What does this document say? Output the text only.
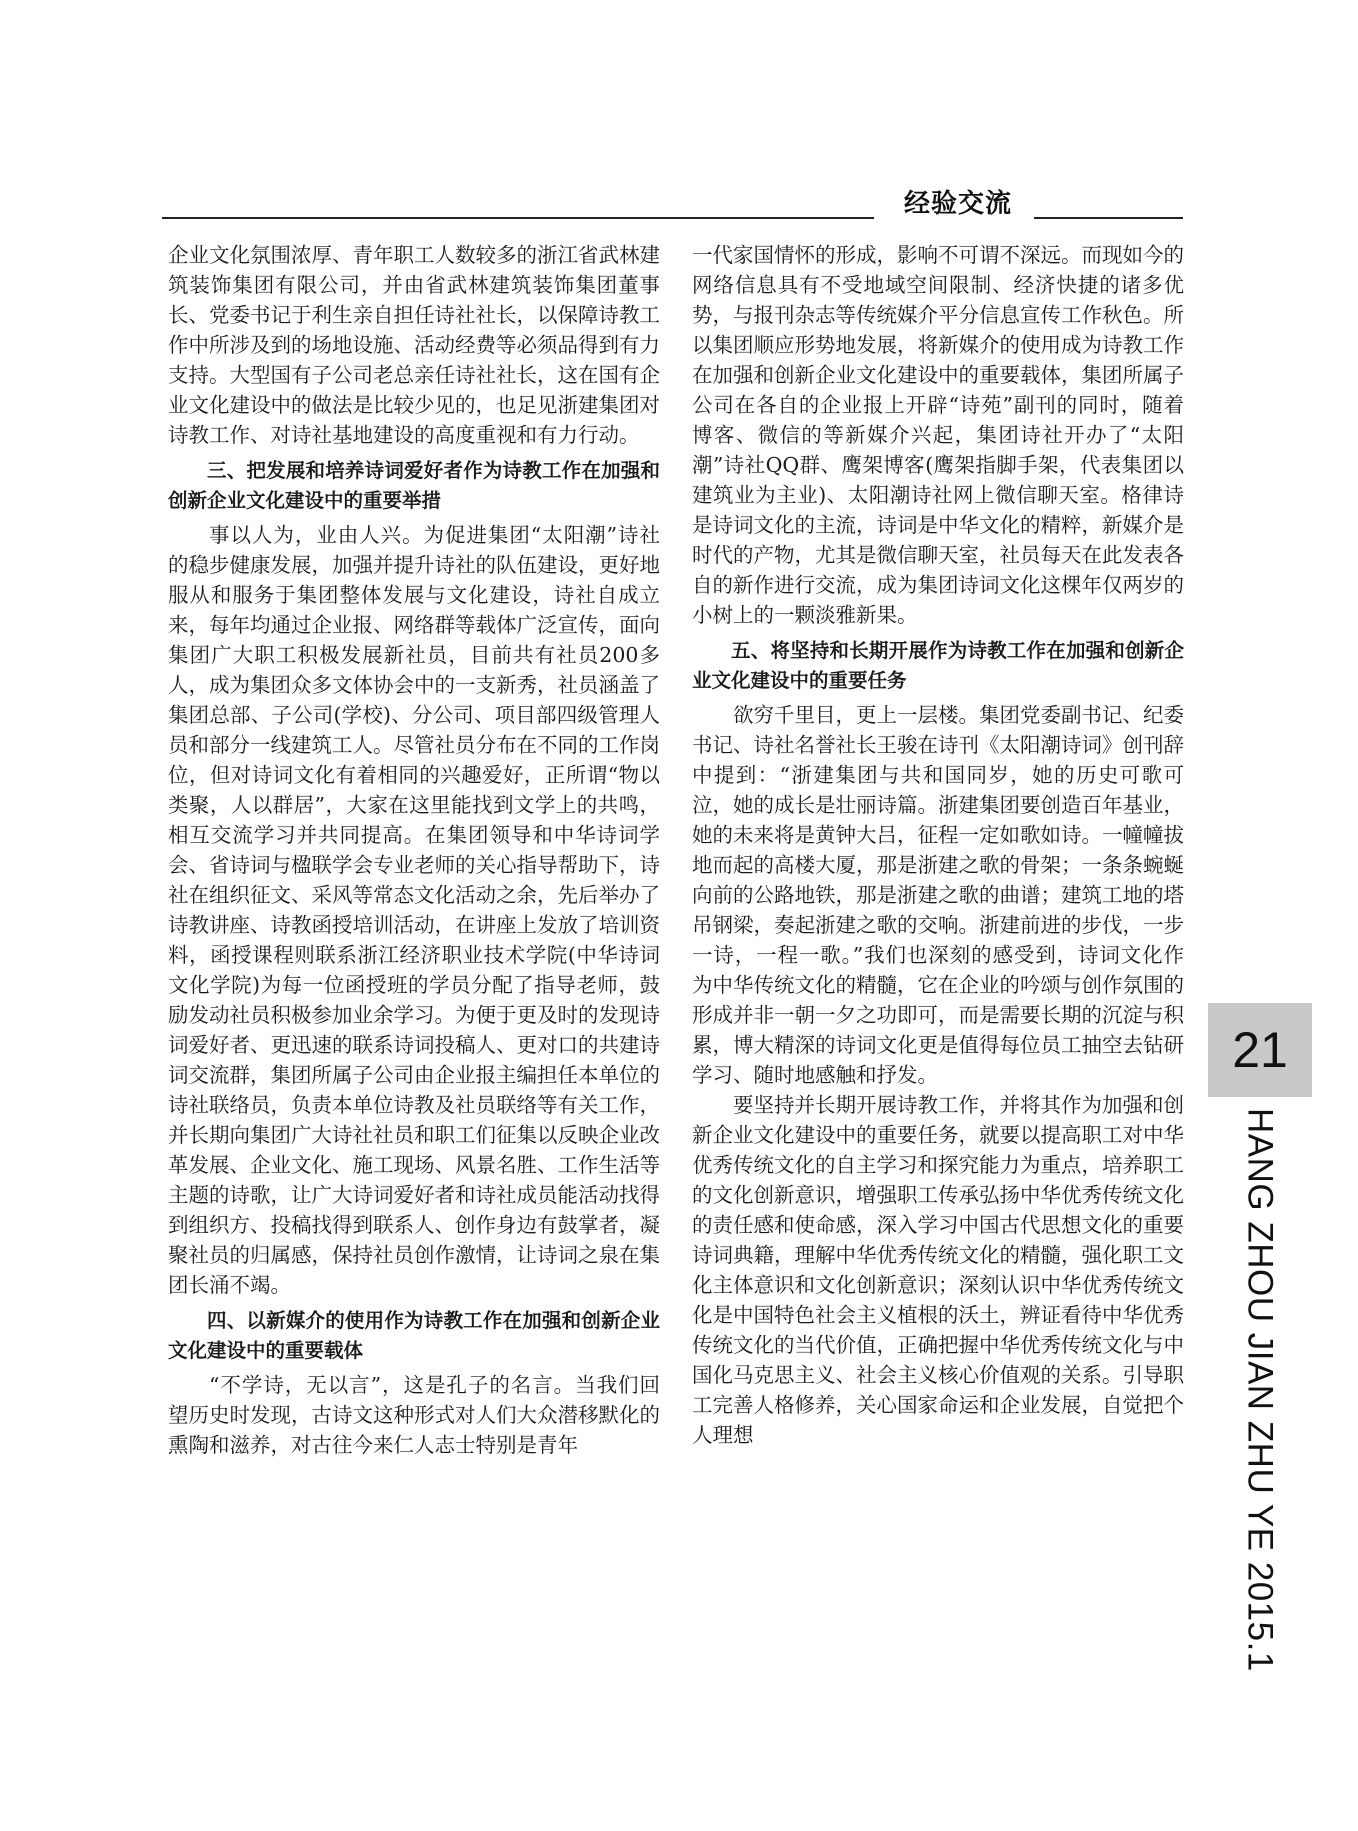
经验交流

企业文化氛围浓厚、青年职工人数较多的浙江省武林建筑装饰集团有限公司，并由省武林建筑装饰集团董事长、党委书记于利生亲自担任诗社社长，以保障诗教工作中所涉及到的场地设施、活动经费等必须品得到有力支持。大型国有子公司老总亲任诗社社长，这在国有企业文化建设中的做法是比较少见的，也足见浙建集团对诗教工作、对诗社基地建设的高度重视和有力行动。

三、把发展和培养诗词爱好者作为诗教工作在加强和创新企业文化建设中的重要举措

事以人为，业由人兴。为促进集团“太阳潮”诗社的稳步健康发展，加强并提升诗社的队伍建设，更好地服从和服务于集团整体发展与文化建设，诗社自成立来，每年均通过企业报、网络群等载体广泛宣传，面向集团广大职工积极发展新社员，目前共有社员200多人，成为集团众多文体协会中的一支新秀，社员涵盖了集团总部、子公司(学校)、分公司、项目部四级管理人员和部分一线建筑工人。尽管社员分布在不同的工作岗位，但对诗词文化有着相同的兴趣爱好，正所谓“物以类聚，人以群居”，大家在这里能找到文学上的共鸣，相互交流学习并共同提高。在集团领导和中华诗词学会、省诗词与楹联学会专业老师的关心指导帮助下，诗社在组织征文、采风等常态文化活动之余，先后举办了诗教讲座、诗教函授培训活动，在讲座上发放了培训资料，函授课程则联系浙江经济职业技术学院(中华诗词文化学院)为每一位函授班的学员分配了指导老师，鼓励发动社员积极参加业余学习。为便于更及时的发现诗词爱好者、更迅速的联系诗词投稿人、更对口的共建诗词交流群，集团所属子公司由企业报主编担任本单位的诗社联络员，负责本单位诗教及社员联络等有关工作，并长期向集团广大诗社社员和职工们征集以反映企业改革发展、企业文化、施工现场、风景名胜、工作生活等主题的诗歌，让广大诗词爱好者和诗社成员能活动找得到组织方、投稿找得到联系人、创作身边有鼓掌者，凝聚社员的归属感，保持社员创作激情，让诗词之泉在集团长涌不竭。

四、以新媒介的使用作为诗教工作在加强和创新企业文化建设中的重要载体

“不学诗，无以言”，这是孔子的名言。当我们回望历史时发现，古诗文这种形式对人们大众潜移默化的熏陶和滋养，对古往今来仁人志士特别是青年

一代家国情怀的形成，影响不可谓不深远。而现如今的网络信息具有不受地域空间限制、经济快捷的诸多优势，与报刊杂志等传统媒介平分信息宣传工作秋色。所以集团顺应形势地发展，将新媒介的使用成为诗教工作在加强和创新企业文化建设中的重要载体，集团所属子公司在各自的企业报上开辟“诗苑”副刊的同时，随着博客、微信的等新媒介兴起，集团诗社开办了“太阳潮”诗社QQ群、鹰架博客(鹰架指脚手架，代表集团以建筑业为主业)、太阳潮诗社网上微信聊天室。格律诗是诗词文化的主流，诗词是中华文化的精粹，新媒介是时代的产物，尤其是微信聊天室，社员每天在此发表各自的新作进行交流，成为集团诗词文化这棵年仅两岁的小树上的一颗淡雅新果。

五、将坚持和长期开展作为诗教工作在加强和创新企业文化建设中的重要任务

欲穷千里目，更上一层楼。集团党委副书记、纪委书记、诗社名誉社长王骏在诗刊《太阳潮诗词》创刊辞中提到：“浙建集团与共和国同岁，她的历史可歌可泣，她的成长是壮丽诗篇。浙建集团要创造百年基业，她的未来将是黄钟大吕，征程一定如歌如诗。一幢幢拔地而起的高楼大厦，那是浙建之歌的骨架；一条条蜿蜒向前的公路地铁，那是浙建之歌的曲谱；建筑工地的塔吊钢梁，奏起浙建之歌的交响。浙建前进的步伐，一步一诗，一程一歌。”我们也深刻的感受到，诗词文化作为中华传统文化的精髓，它在企业的吟颂与创作氛围的形成并非一朝一夕之功即可，而是需要长期的沉淀与积累，博大精深的诗词文化更是值得每位员工抽空去钻研学习、随时地感触和抒发。

要坚持并长期开展诗教工作，并将其作为加强和创新企业文化建设中的重要任务，就要以提高职工对中华优秀传统文化的自主学习和探究能力为重点，培养职工的文化创新意识，增强职工传承弘扬中华优秀传统文化的责任感和使命感，深入学习中国古代思想文化的重要诗词典籍，理解中华优秀传统文化的精髓，强化职工文化主体意识和文化创新意识；深刻认识中华优秀传统文化是中国特色社会主义植根的沃土，辨证看待中华优秀传统文化的当代价值，正确把握中华优秀传统文化与中国化马克思主义、社会主义核心价值观的关系。引导职工完善人格修养，关心国家命运和企业发展，自觉把个人理想

21
HANG ZHOU JIAN ZHU YE 2015.1
